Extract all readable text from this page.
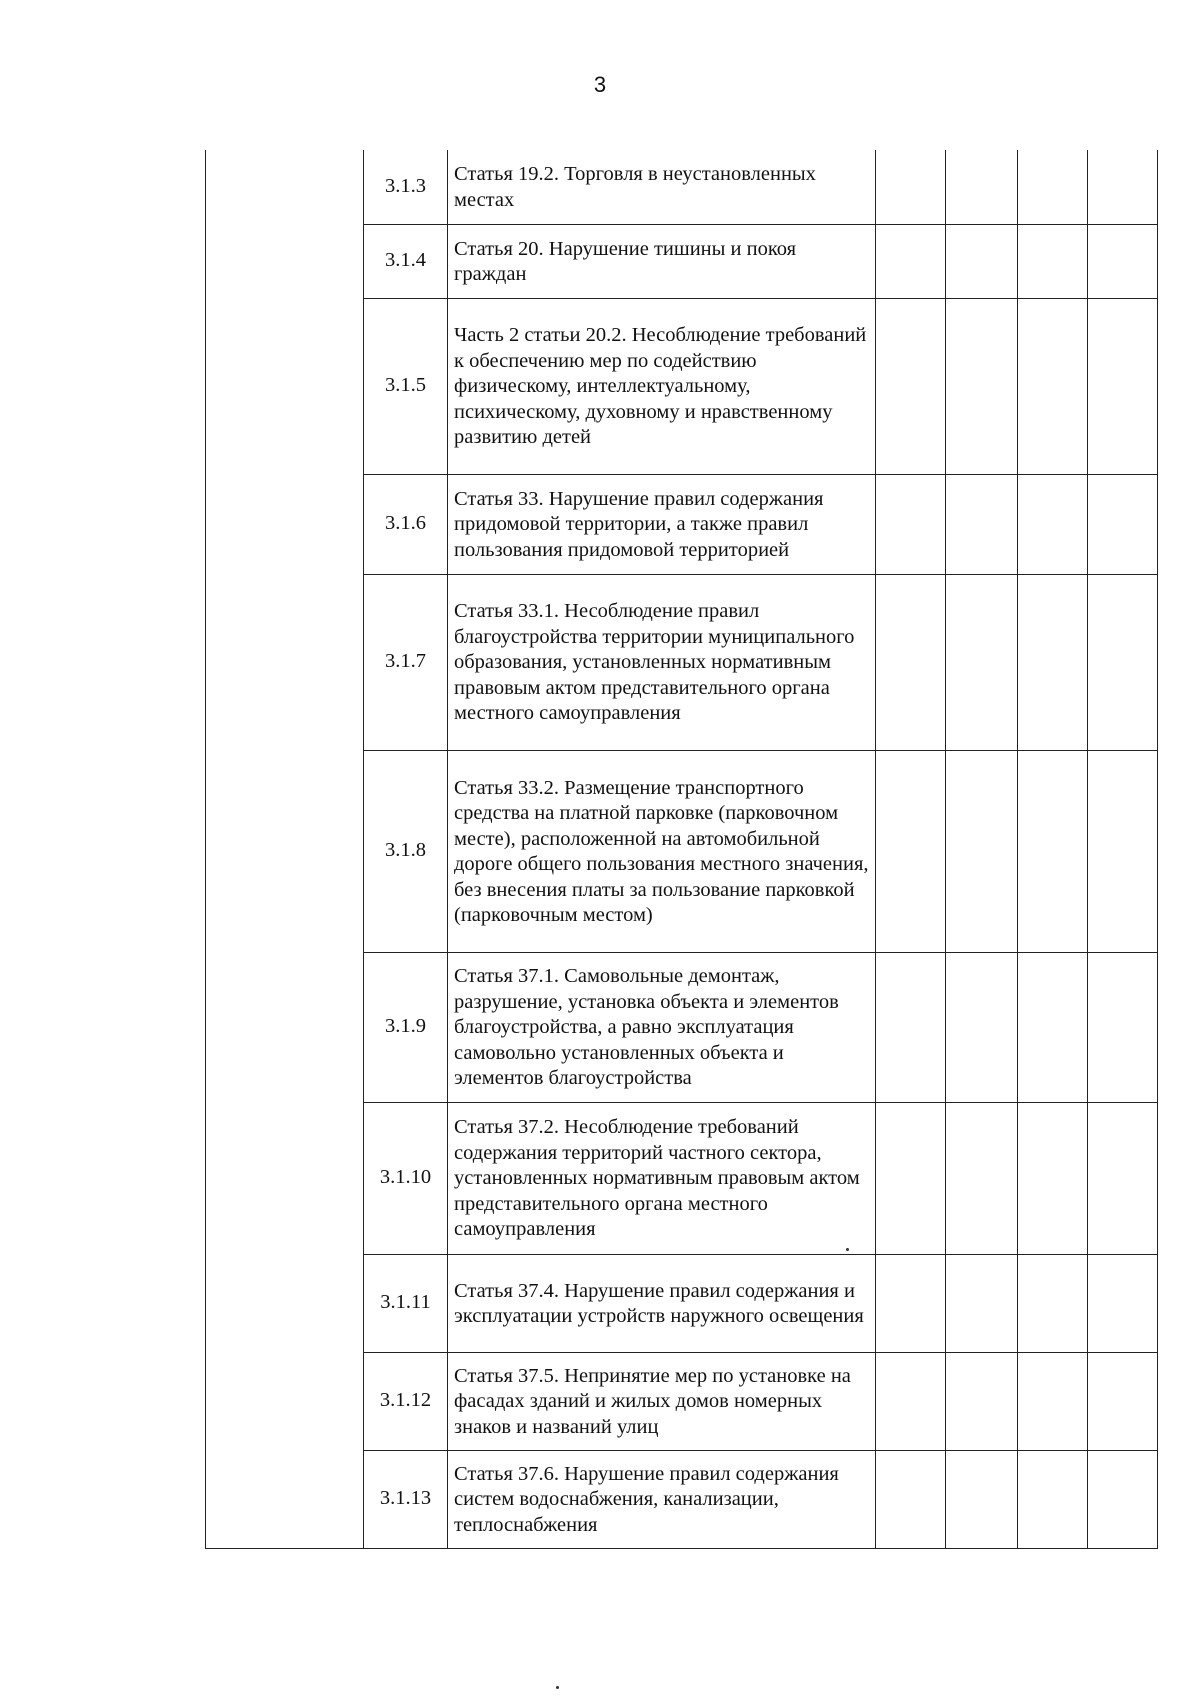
3
	3.1.3	Статья 19.2. Торговля в неустановленных местах				
	3.1.4	Статья 20. Нарушение тишины и покоя граждан				
	3.1.5	Часть 2 статьи 20.2. Несоблюдение требований к обеспечению мер по содействию физическому, интеллектуальному, психическому, духовному и нравственному развитию детей				
	3.1.6	Статья 33. Нарушение правил содержания придомовой территории, а также правил пользования придомовой территорией				
	3.1.7	Статья 33.1. Несоблюдение правил благоустройства территории муниципального образования, установленных нормативным правовым актом представительного органа местного самоуправления				
	3.1.8	Статья 33.2. Размещение транспортного средства на платной парковке (парковочном месте), расположенной на автомобильной дороге общего пользования местного значения, без внесения платы за пользование парковкой (парковочным местом)				
	3.1.9	Статья 37.1. Самовольные демонтаж, разрушение, установка объекта и элементов благоустройства, а равно эксплуатация самовольно установленных объекта и элементов благоустройства				
	3.1.10	Статья 37.2. Несоблюдение требований содержания территорий частного сектора, установленных нормативным правовым актом представительного органа местного самоуправления				
	3.1.11	Статья 37.4. Нарушение правил содержания и эксплуатации устройств наружного освещения				
	3.1.12	Статья 37.5. Непринятие мер по установке на фасадах зданий и жилых домов номерных знаков и названий улиц				
	3.1.13	Статья 37.6. Нарушение правил содержания систем водоснабжения, канализации, теплоснабжения				
